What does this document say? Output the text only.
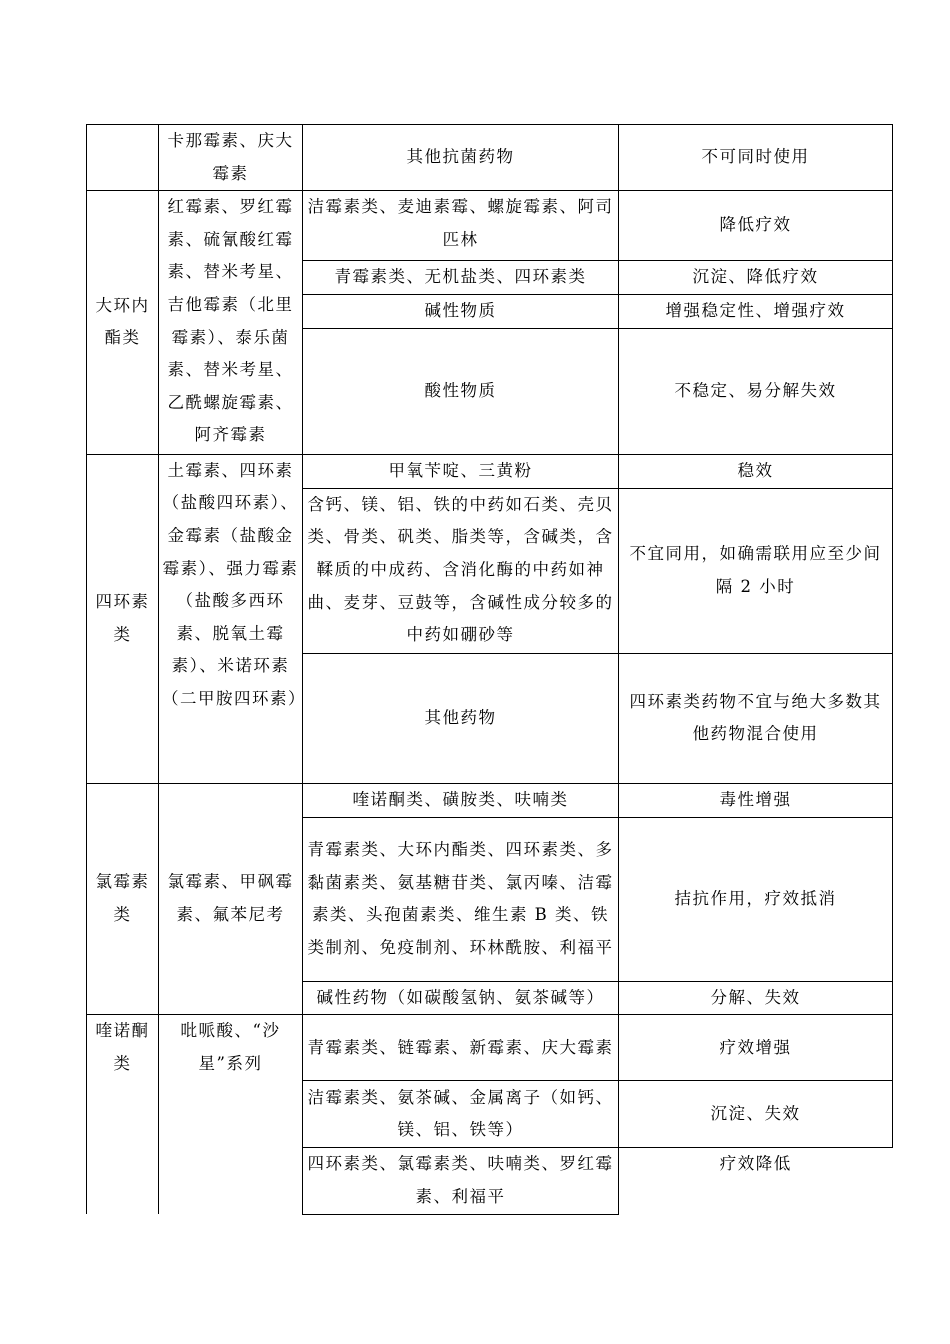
	卡那霉素、庆大霉素	其他抗菌药物	不可同时使用
大环内酯类	红霉素、罗红霉素、硫氰酸红霉素、替米考星、吉他霉素（北里霉素）、泰乐菌素、替米考星、乙酰螺旋霉素、阿齐霉素	洁霉素类、麦迪素霉、螺旋霉素、阿司匹林	降低疗效
		青霉素类、无机盐类、四环素类	沉淀、降低疗效
		碱性物质	增强稳定性、增强疗效
		酸性物质	不稳定、易分解失效
四环素类	土霉素、四环素（盐酸四环素）、金霉素（盐酸金霉素）、强力霉素（盐酸多西环素、脱氧土霉素）、米诺环素（二甲胺四环素）	甲氧苄啶、三黄粉	稳效
		含钙、镁、铝、铁的中药如石类、壳贝类、骨类、矾类、脂类等，含碱类，含鞣质的中成药、含消化酶的中药如神曲、麦芽、豆鼓等，含碱性成分较多的中药如硼砂等	不宜同用，如确需联用应至少间隔 2 小时
		其他药物	四环素类药物不宜与绝大多数其他药物混合使用
氯霉素类	氯霉素、甲砜霉素、氟苯尼考	喹诺酮类、磺胺类、呋喃类	毒性增强
		青霉素类、大环内酯类、四环素类、多黏菌素类、氨基糖苷类、氯丙嗪、洁霉素类、头孢菌素类、维生素 B 类、铁类制剂、免疫制剂、环林酰胺、利福平	拮抗作用，疗效抵消
		碱性药物（如碳酸氢钠、氨茶碱等）	分解、失效
喹诺酮类	吡哌酸、“沙星”系列	青霉素类、链霉素、新霉素、庆大霉素	疗效增强
		洁霉素类、氨茶碱、金属离子（如钙、镁、铝、铁等）	沉淀、失效
		四环素类、氯霉素类、呋喃类、罗红霉素、利福平	疗效降低
